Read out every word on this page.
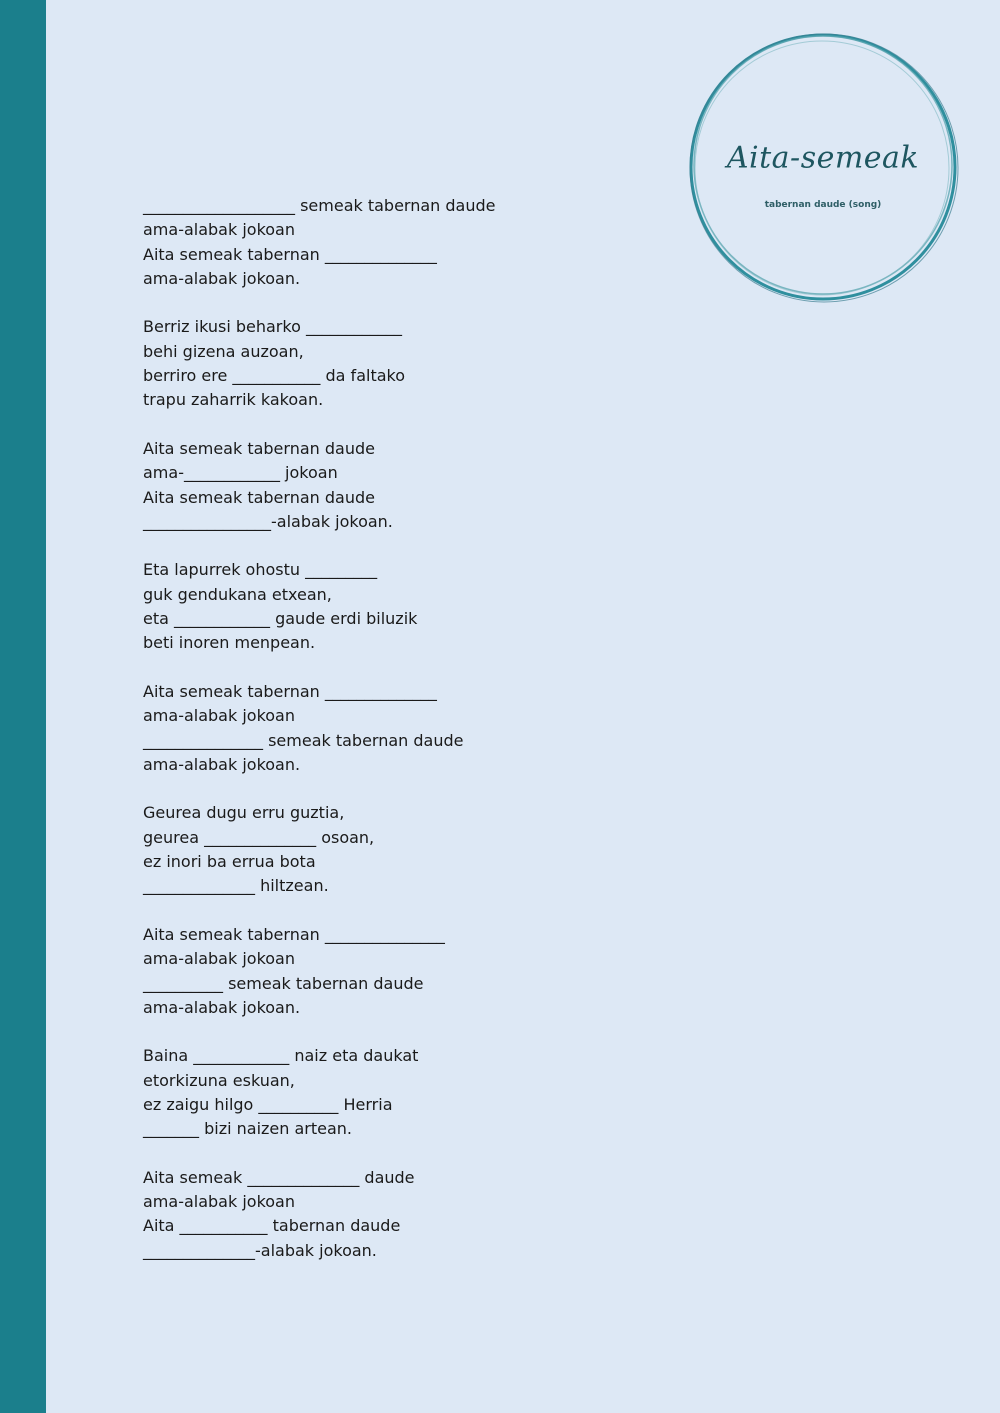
Aita-semeak
tabernan daude (song)
___________________ semeak tabernan daude
ama-alabak jokoan
Aita semeak tabernan ______________
ama-alabak jokoan.
Berriz ikusi beharko ____________
behi gizena auzoan,
berriro ere ___________ da faltako
trapu zaharrik kakoan.
Aita semeak tabernan daude
ama-____________ jokoan
Aita semeak tabernan daude
________________-alabak jokoan.
Eta lapurrek ohostu _________
guk gendukana etxean,
eta ____________ gaude erdi biluzik
beti inoren menpean.
Aita semeak tabernan ______________
ama-alabak jokoan
_______________ semeak tabernan daude
ama-alabak jokoan.
Geurea dugu erru guztia,
geurea ______________ osoan,
ez inori ba errua bota
______________ hiltzean.
Aita semeak tabernan _______________
ama-alabak jokoan
__________ semeak tabernan daude
ama-alabak jokoan.
Baina ____________ naiz eta daukat
etorkizuna eskuan,
ez zaigu hilgo __________ Herria
_______ bizi naizen artean.
Aita semeak ______________ daude
ama-alabak jokoan
Aita ___________ tabernan daude
______________-alabak jokoan.
